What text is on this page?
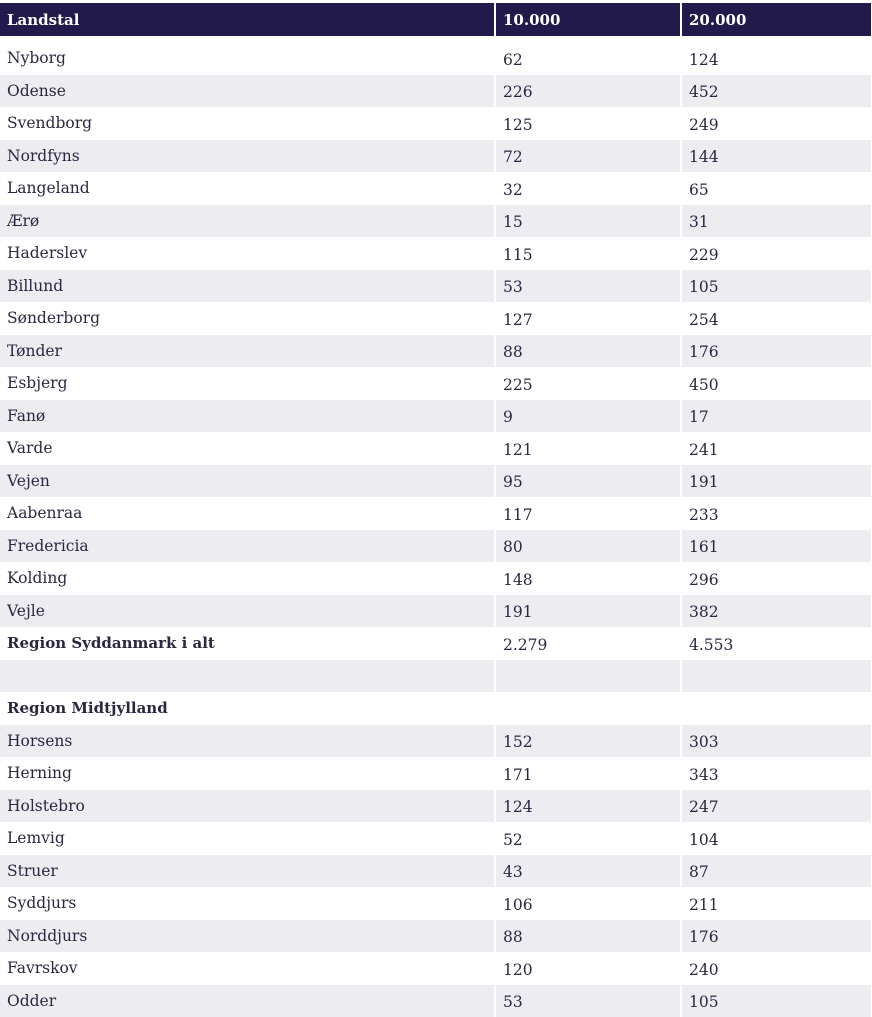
Landstal	10.000	20.000

Nyborg	62	124
Odense	226	452
Svendborg	125	249
Nordfyns	72	144
Langeland	32	65
Ærø	15	31
Haderslev	115	229
Billund	53	105
Sønderborg	127	254
Tønder	88	176
Esbjerg	225	450
Fanø	9	17
Varde	121	241
Vejen	95	191
Aabenraa	117	233
Fredericia	80	161
Kolding	148	296
Vejle	191	382
Region Syddanmark i alt	2.279	4.553

Region Midtjylland		
Horsens	152	303
Herning	171	343
Holstebro	124	247
Lemvig	52	104
Struer	43	87
Syddjurs	106	211
Norddjurs	88	176
Favrskov	120	240
Odder	53	105
